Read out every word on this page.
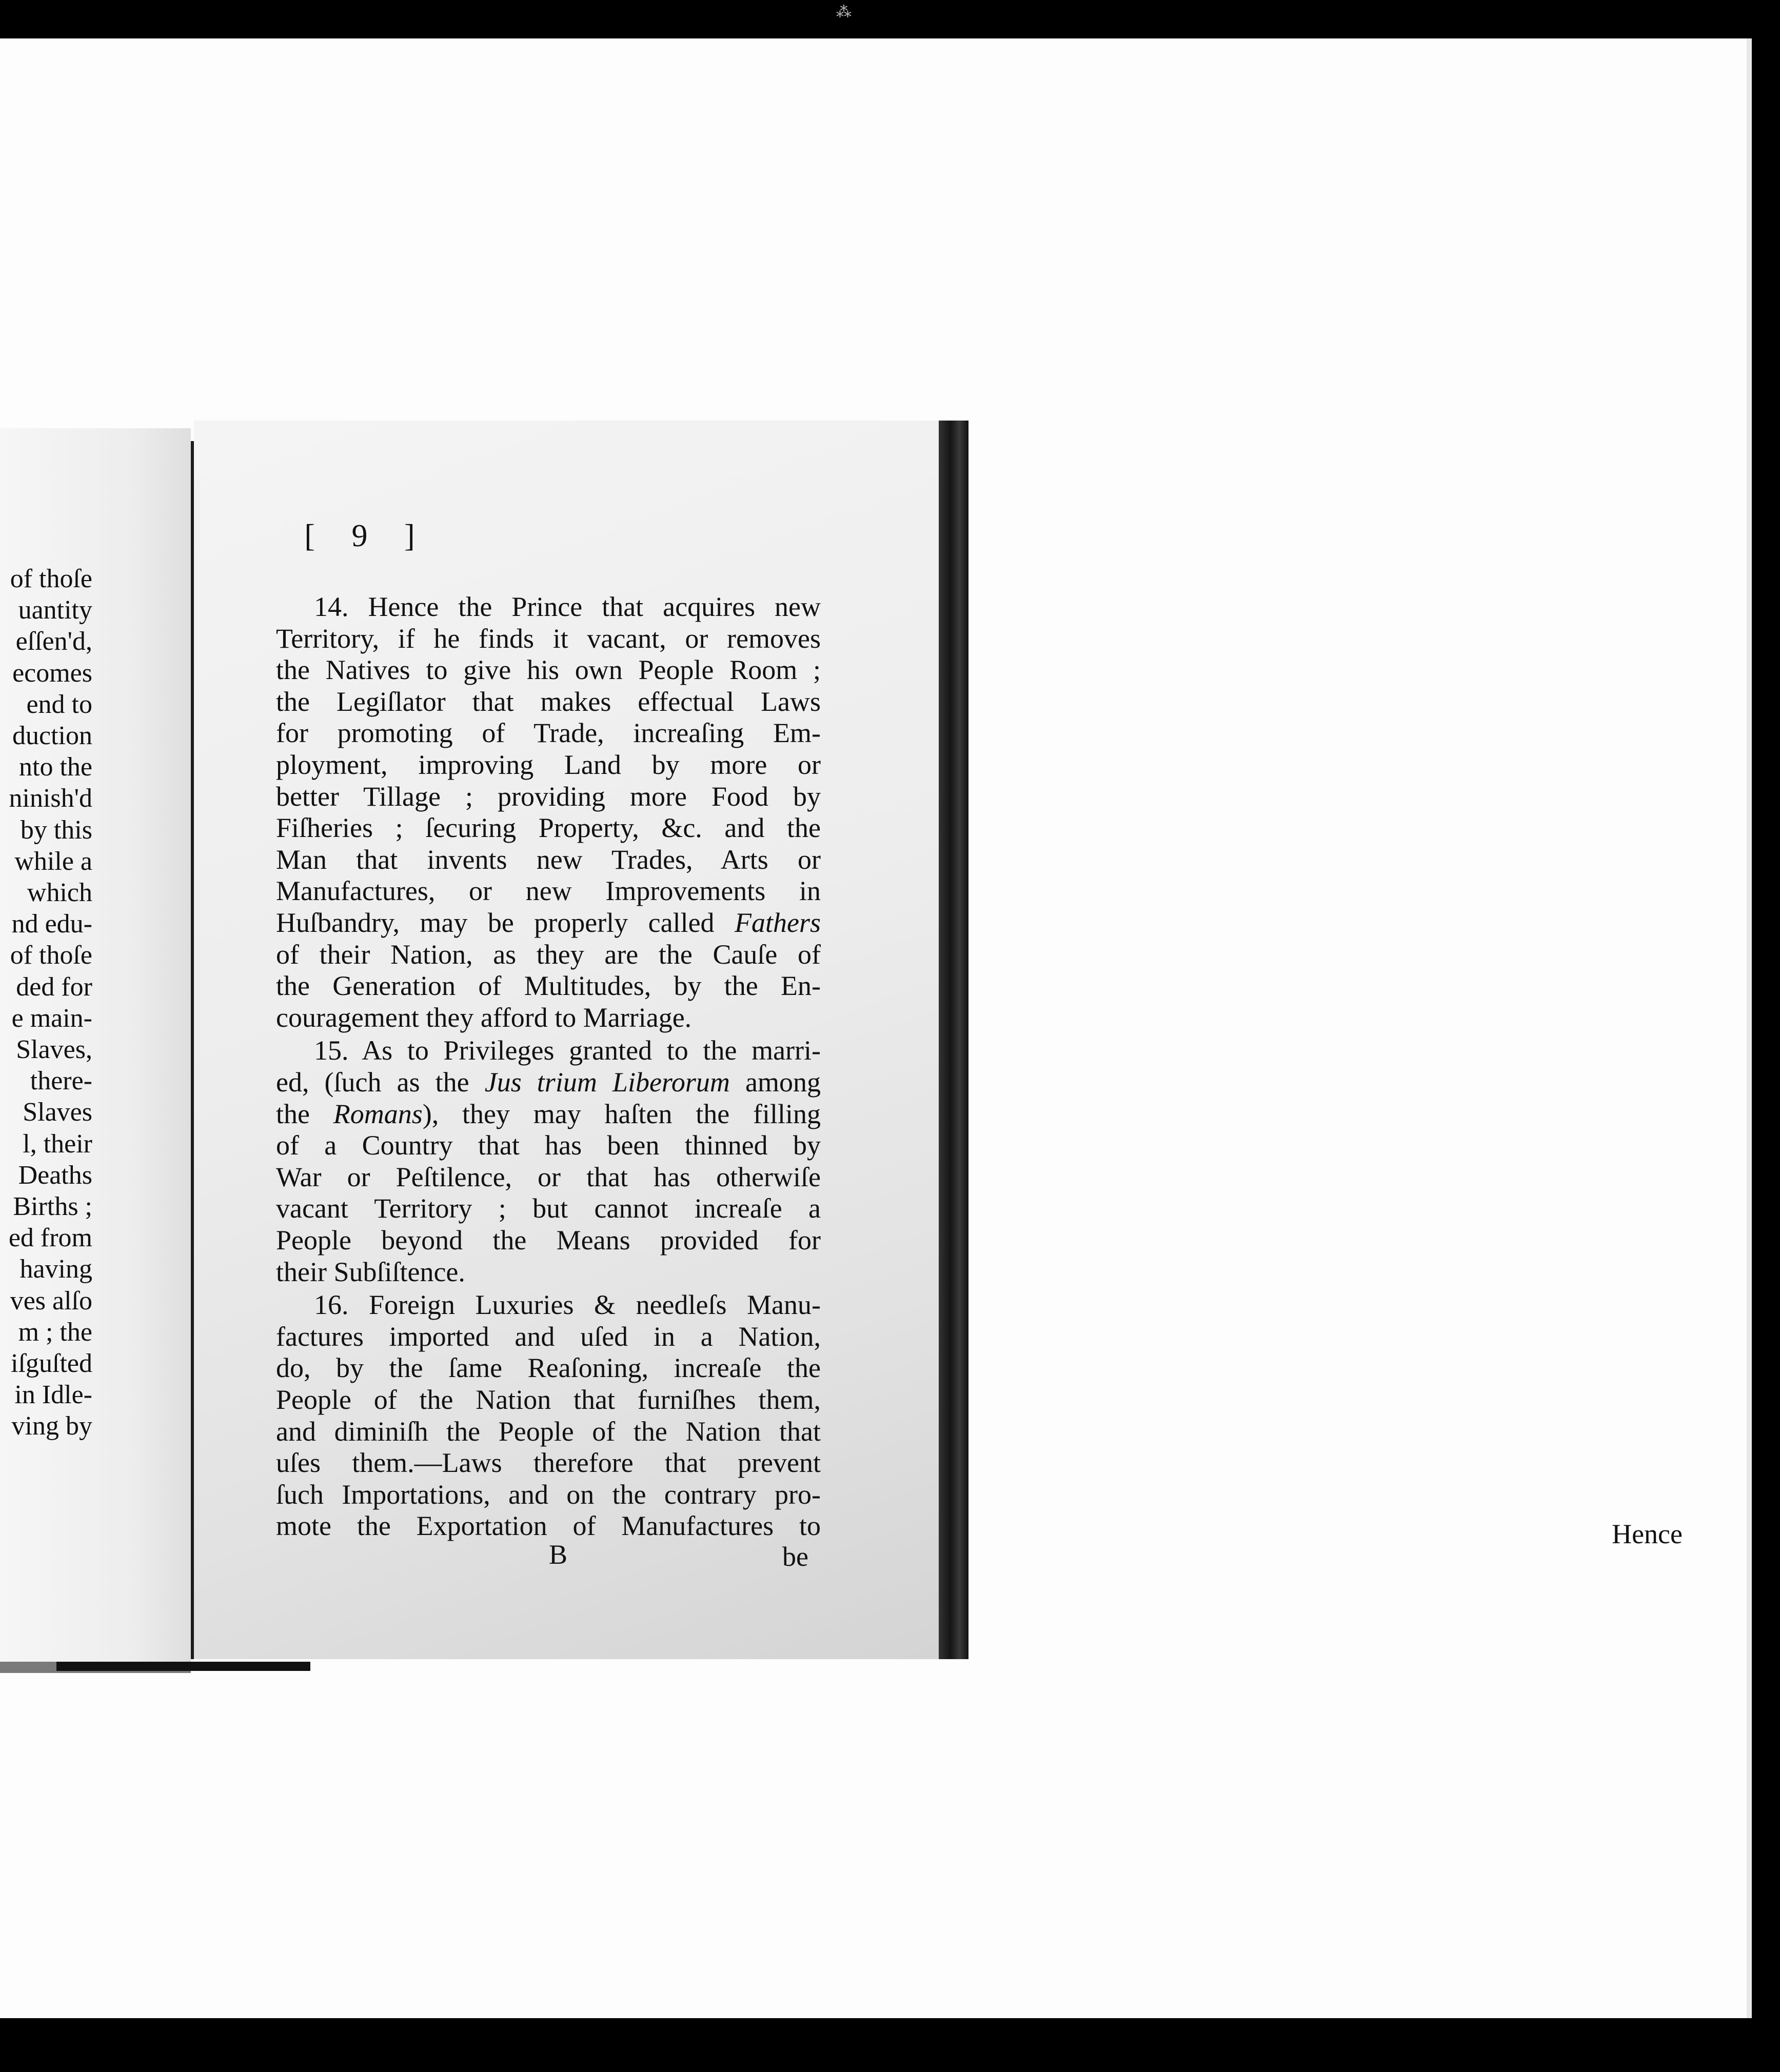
⁂
of thoſe
uantity
eſſen'd,
ecomes
end to
duction
nto the
ninish'd
by this
while a
which
nd edu-
of thoſe
ded for
e main-
Slaves,
there-
Slaves
l, their
Deaths
Births ;
ed from
having
ves alſo
m ; the
iſguſted
in Idle-
ving by
Hence
[ 9 ]
14. Hence the Prince that acquires new
Territory, if he finds it vacant, or removes
the Natives to give his own People Room ;
the Legiſlator that makes effectual Laws
for promoting of Trade, increaſing Em-
ployment, improving Land by more or
better Tillage ; providing more Food by
Fiſheries ; ſecuring Property, &c. and the
Man that invents new Trades, Arts or
Manufactures, or new Improvements in
Huſbandry, may be properly called Fathers
of their Nation, as they are the Cauſe of
the Generation of Multitudes, by the En-
couragement they afford to Marriage.
15. As to Privileges granted to the marri-
ed, (ſuch as the Jus trium Liberorum among
the Romans), they may haſten the filling
of a Country that has been thinned by
War or Peſtilence, or that has otherwiſe
vacant Territory ; but cannot increaſe a
People beyond the Means provided for
their Subſiſtence.
16. Foreign Luxuries & needleſs Manu-
factures imported and uſed in a Nation,
do, by the ſame Reaſoning, increaſe the
People of the Nation that furniſhes them,
and diminiſh the People of the Nation that
uſes them.—Laws therefore that prevent
ſuch Importations, and on the contrary pro-
mote the Exportation of Manufactures to
B	be
